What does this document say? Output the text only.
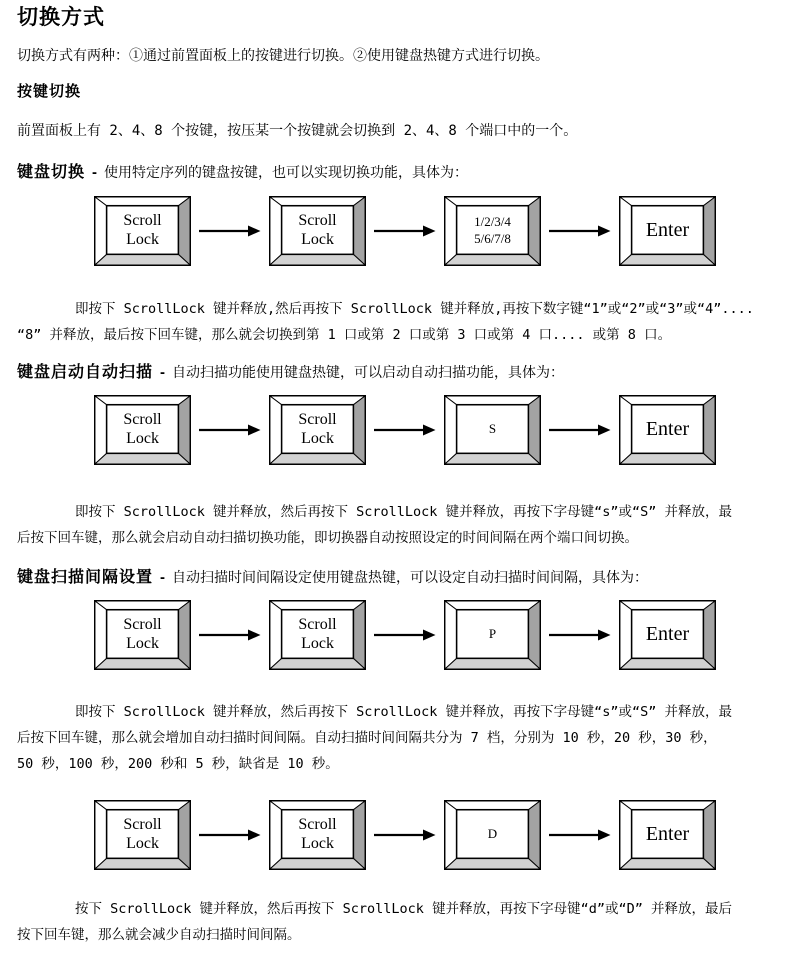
切换方式
切换方式有两种：①通过前置面板上的按键进行切换。②使用键盘热键方式进行切换。
按键切换
前置面板上有 2、4、8 个按键，按压某一个按键就会切换到 2、4、8 个端口中的一个。
键盘切换 - 使用特定序列的键盘按键，也可以实现切换功能，具体为：
Scroll
Lock
Scroll
Lock
1/2/3/4
5/6/7/8	Enter
即按下 ScrollLock 键并释放,然后再按下 ScrollLock 键并释放,再按下数字键“1”或“2”或“3”或“4”....
“8” 并释放，最后按下回车键，那么就会切换到第 1 口或第 2 口或第 3 口或第 4 口.... 或第 8 口。
键盘启动自动扫描 - 自动扫描功能使用键盘热键，可以启动自动扫描功能，具体为：
Scroll
Lock
Scroll
Lock
S	Enter
即按下 ScrollLock 键并释放，然后再按下 ScrollLock 键并释放，再按下字母键“s”或“S” 并释放，最
后按下回车键，那么就会启动自动扫描切换功能，即切换器自动按照设定的时间间隔在两个端口间切换。
键盘扫描间隔设置 - 自动扫描时间间隔设定使用键盘热键，可以设定自动扫描时间间隔，具体为：
Scroll
Lock
Scroll
Lock
P	Enter
即按下 ScrollLock 键并释放，然后再按下 ScrollLock 键并释放，再按下字母键“s”或“S” 并释放，最
后按下回车键，那么就会增加自动扫描时间间隔。自动扫描时间间隔共分为 7 档，分别为 10 秒，20 秒，30 秒，
50 秒，100 秒，200 秒和 5 秒，缺省是 10 秒。
Scroll
Lock
Scroll
Lock
D	Enter
按下 ScrollLock 键并释放，然后再按下 ScrollLock 键并释放，再按下字母键“d”或“D” 并释放，最后
按下回车键，那么就会减少自动扫描时间间隔。
